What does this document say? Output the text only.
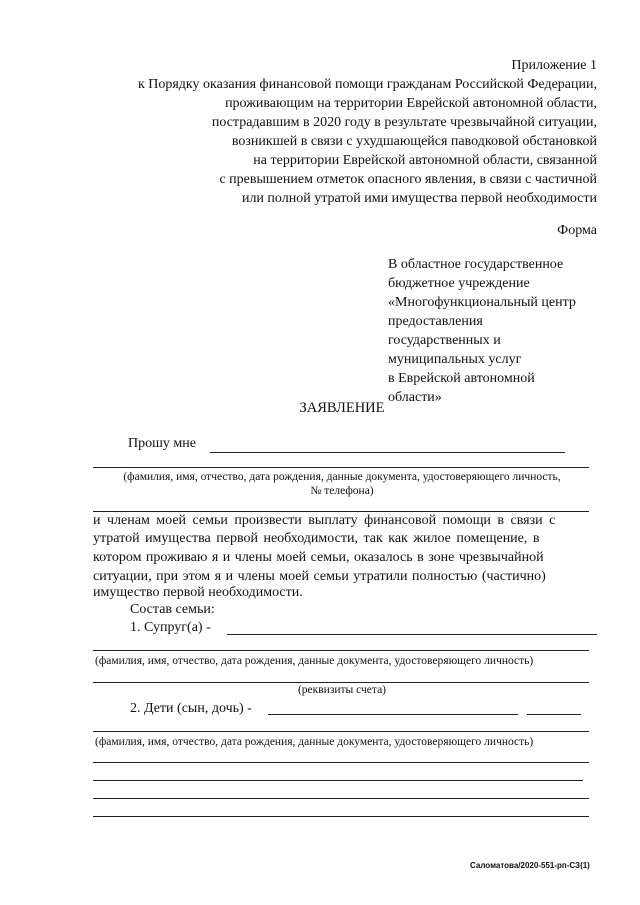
Приложение 1
к Порядку оказания финансовой помощи гражданам Российской Федерации,
проживающим на территории Еврейской автономной области,
пострадавшим в 2020 году в результате чрезвычайной ситуации,
возникшей в связи с ухудшающейся паводковой обстановкой
на территории Еврейской автономной области, связанной
с превышением отметок опасного явления, в связи с частичной
или полной утратой ими имущества первой необходимости
Форма
В областное государственное
бюджетное учреждение
«Многофункциональный центр
предоставления
государственных и
муниципальных услуг
в Еврейской автономной
области»
ЗАЯВЛЕНИЕ
Прошу мне
(фамилия, имя, отчество, дата рождения, данные документа, удостоверяющего личность,
№ телефона)
и членам моей семьи произвести выплату финансовой помощи в связи с
утратой имущества первой необходимости, так как жилое помещение, в
котором проживаю я и члены моей семьи, оказалось в зоне чрезвычайной
ситуации, при этом я и члены моей семьи утратили полностью (частично)
имущество первой необходимости.
Состав семьи:
1. Супруг(а) -
(фамилия, имя, отчество, дата рождения, данные документа, удостоверяющего личность)
(реквизиты счета)
2. Дети (сын, дочь) -
(фамилия, имя, отчество, дата рождения, данные документа, удостоверяющего личность)
Саломатова/2020-551-рп-СЗ(1)
